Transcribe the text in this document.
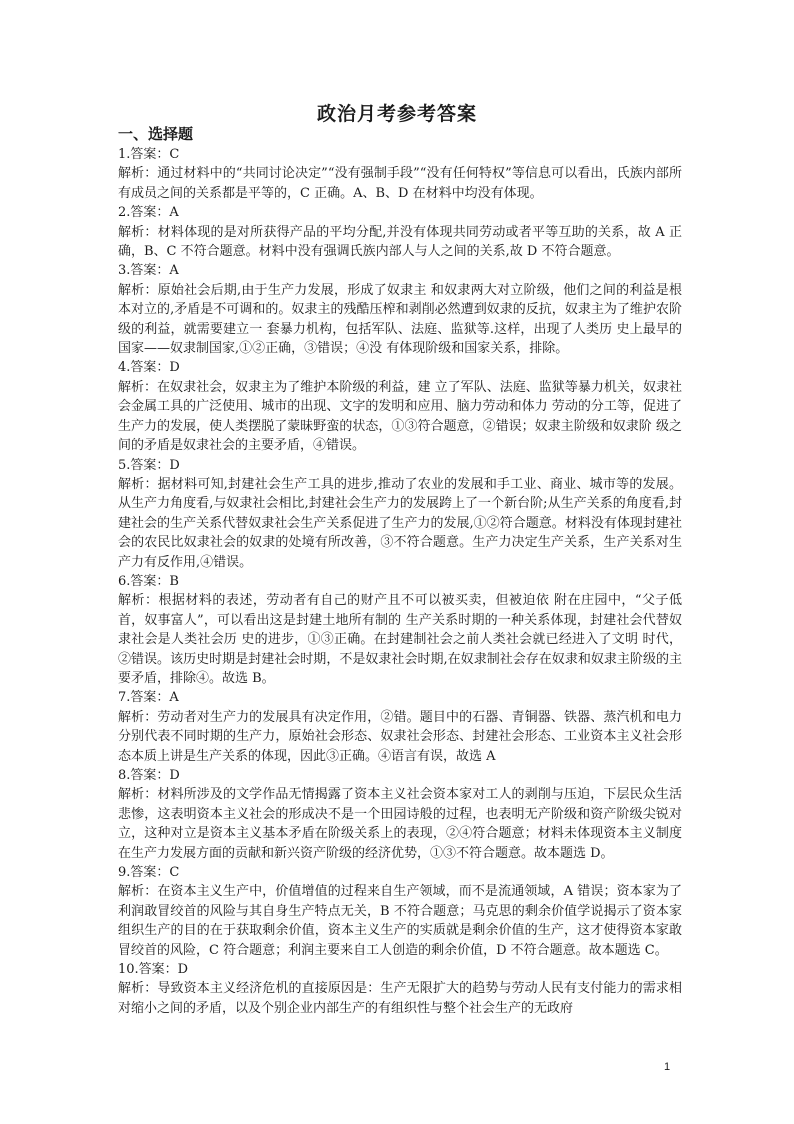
政治月考参考答案
一、选择题
1.答案：C
解析：通过材料中的“共同讨论决定”“没有强制手段”“没有任何特权”等信息可以看出，氏族内部所有成员之间的关系都是平等的，C 正确。A、B、D 在材料中均没有体现。
2.答案：A
解析：材料体现的是对所获得产品的平均分配,并没有体现共同劳动或者平等互助的关系，故 A 正确，B、C 不符合题意。材料中没有强调氏族内部人与人之间的关系,故 D 不符合题意。
3.答案：A
解析：原始社会后期,由于生产力发展，形成了奴隶主 和奴隶两大对立阶级，他们之间的利益是根本对立的,矛盾是不可调和的。奴隶主的残酷压榨和剥削必然遭到奴隶的反抗，奴隶主为了维护农阶级的利益，就需要建立一 套暴力机构，包括军队、法庭、监狱等.这样，出现了人类历 史上最早的国家——奴隶制国家,①②正确，③错误；④没 有体现阶级和国家关系，排除。
4.答案：D
解析：在奴隶社会，奴隶主为了维护本阶级的利益，建 立了军队、法庭、监狱等暴力机关，奴隶社会金属工具的广泛使用、城市的出现、文字的发明和应用、脑力劳动和体力 劳动的分工等，促进了生产力的发展，使人类摆脱了蒙昧野蛮的状态，①③符合题意，②错误；奴隶主阶级和奴隶阶 级之间的矛盾是奴隶社会的主要矛盾，④错误。
5.答案：D
解析：据材料可知,封建社会生产工具的进步,推动了农业的发展和手工业、商业、城市等的发展。从生产力角度看,与奴隶社会相比,封建社会生产力的发展跨上了一个新台阶;从生产关系的角度看,封建社会的生产关系代替奴隶社会生产关系促进了生产力的发展,①②符合题意。材料没有体现封建社会的农民比奴隶社会的奴隶的处境有所改善，③不符合题意。生产力决定生产关系，生产关系对生产力有反作用,④错误。
6.答案：B
解析：根据材料的表述，劳动者有自己的财产且不可以被买卖，但被迫依 附在庄园中，“父子低首，奴事富人”，可以看出这是封建土地所有制的 生产关系时期的一种关系体现，封建社会代替奴隶社会是人类社会历 史的进步，①③正确。在封建制社会之前人类社会就已经进入了文明 时代，②错误。该历史时期是封建社会时期，不是奴隶社会时期,在奴隶制社会存在奴隶和奴隶主阶级的主要矛盾，排除④。故选 B。
7.答案：A
解析：劳动者对生产力的发展具有决定作用，②错。题目中的石器、青铜器、铁器、蒸汽机和电力分别代表不同时期的生产力，原始社会形态、奴隶社会形态、封建社会形态、工业资本主义社会形态本质上讲是生产关系的体现，因此③正确。④语言有误，故选 A
8.答案：D
解析：材料所涉及的文学作品无情揭露了资本主义社会资本家对工人的剥削与压迫，下层民众生活悲惨，这表明资本主义社会的形成决不是一个田园诗般的过程，也表明无产阶级和资产阶级尖锐对立，这种对立是资本主义基本矛盾在阶级关系上的表现，②④符合题意；材料未体现资本主义制度在生产力发展方面的贡献和新兴资产阶级的经济优势，①③不符合题意。故本题选 D。
9.答案：C
解析：在资本主义生产中，价值增值的过程来自生产领域，而不是流通领域，A 错误；资本家为了利润敢冒绞首的风险与其自身生产特点无关，B 不符合题意；马克思的剩余价值学说揭示了资本家组织生产的目的在于获取剩余价值，资本主义生产的实质就是剩余价值的生产，这才使得资本家敢冒绞首的风险，C 符合题意；利润主要来自工人创造的剩余价值，D 不符合题意。故本题选 C。
10.答案：D
解析：导致资本主义经济危机的直接原因是：生产无限扩大的趋势与劳动人民有支付能力的需求相对缩小之间的矛盾，以及个别企业内部生产的有组织性与整个社会生产的无政府
1
